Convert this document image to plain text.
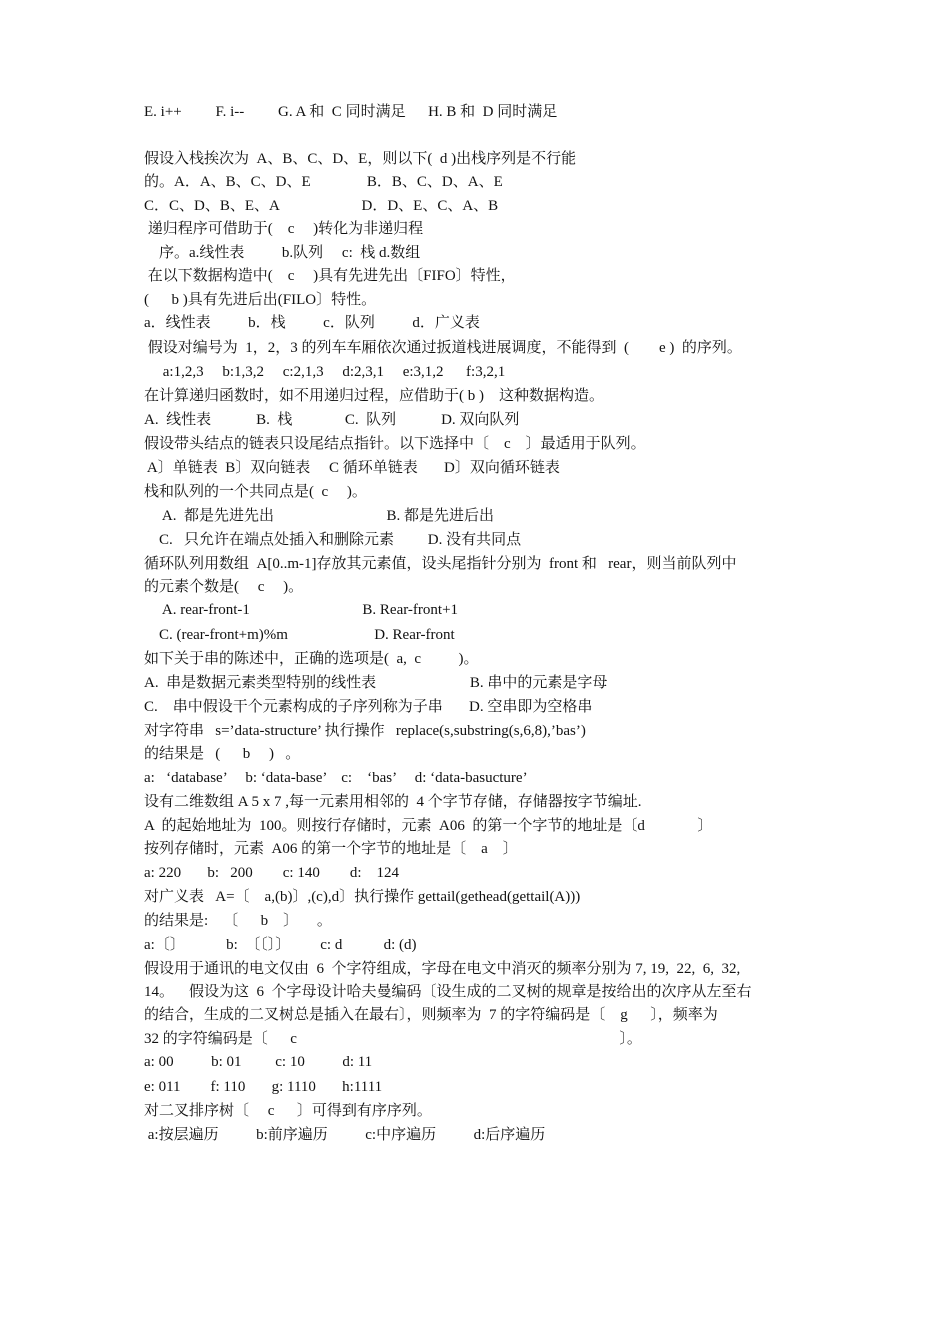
E. i++         F. i--         G. A 和  C 同时满足      H. B 和  D 同时满足
假设入栈挨次为  A、B、C、D、E，则以下(  d )出栈序列是不行能
的。A．A、B、C、D、E               B．B、C、D、A、E
C．C、D、B、E、A                      D．D、E、C、A、B
递归程序可借助于(    c     )转化为非递归程
序。a.线性表          b.队列     c:  栈 d.数组
在以下数据构造中(    c     )具有先进先出〔FIFO〕特性，
(      b )具有先进后出(FILO〕特性。
a．线性表          b．栈          c．队列          d．广义表
假设对编号为  1，2，3 的列车车厢依次通过扳道栈进展调度，不能得到  (        e )  的序列。
a:1,2,3     b:1,3,2     c:2,1,3     d:2,3,1     e:3,1,2      f:3,2,1
在计算递归函数时，如不用递归过程，应借助于( b )    这种数据构造。
A.  线性表            B.  栈              C.  队列            D. 双向队列
假设带头结点的链表只设尾结点指针。以下选择中〔    c    〕最适用于队列。
A〕单链表  B〕双向链表     C 循环单链表       D〕双向循环链表
栈和队列的一个共同点是(  c     )。
A.  都是先进先出                              B. 都是先进后出
C.   只允许在端点处插入和删除元素         D. 没有共同点
循环队列用数组  A[0..m-1]存放其元素值，设头尾指针分别为  front 和   rear，则当前队列中
的元素个数是(     c     )。
A. rear-front-1                              B. Rear-front+1
C. (rear-front+m)%m                       D. Rear-front
如下关于串的陈述中，正确的选项是(  a,  c          )。
A.  串是数据元素类型特别的线性表                         B. 串中的元素是字母
C.    串中假设干个元素构成的子序列称为子串       D. 空串即为空格串
对字符串   s=’data-structure’ 执行操作   replace(s,substring(s,6,8),’bas’)
的结果是   (      b     )   。
a:   ‘database’     b: ‘data-base’    c:    ‘bas’     d: ‘data-basucture’
设有二维数组 A 5 x 7 ,每一元素用相邻的  4 个字节存储，存储器按字节编址.
A  的起始地址为  100。则按行存储时，元素  A06  的第一个字节的地址是〔d              〕
按列存储时，元素  A06 的第一个字节的地址是〔    a    〕
a: 220       b:   200        c: 140        d:    124
对广义表   A=〔    a,(b)〕,(c),d〕执行操作 gettail(gethead(gettail(A)))
的结果是:    〔      b    〕     。
a:〔〕           b:  〔〔〕〕        c: d           d: (d)
假设用于通讯的电文仅由  6  个字符组成，字母在电文中消灭的频率分别为 7, 19,  22,  6,  32,
14。    假设为这  6  个字母设计哈夫曼编码〔设生成的二叉树的规章是按给出的次序从左至右
的结合，生成的二叉树总是插入在最右〕，则频率为  7 的字符编码是〔    g      〕，频率为
32 的字符编码是〔      c                                                                                      〕。
a: 00          b: 01         c: 10          d: 11
e: 011        f: 110       g: 1110       h:1111
对二叉排序树〔     c      〕可得到有序序列。
a:按层遍历          b:前序遍历          c:中序遍历          d:后序遍历
